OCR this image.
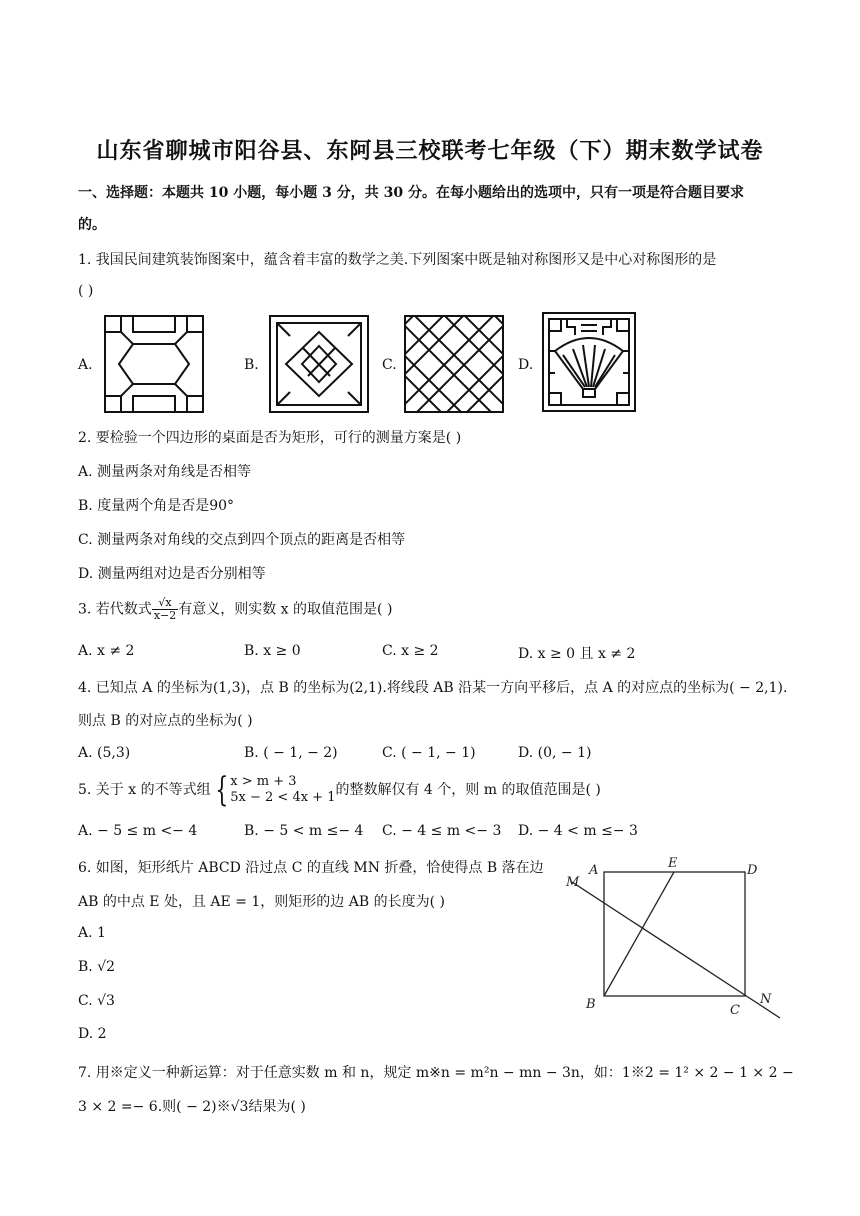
山东省聊城市阳谷县、东阿县三校联考七年级（下）期末数学试卷
一、选择题：本题共 10 小题，每小题 3 分，共 30 分。在每小题给出的选项中，只有一项是符合题目要求
的。
1. 我国民间建筑装饰图案中，蕴含着丰富的数学之美.下列图案中既是轴对称图形又是中心对称图形的是
( )
A.	B.	C.	D.
2. 要检验一个四边形的桌面是否为矩形，可行的测量方案是( )
A. 测量两条对角线是否相等
B. 度量两个角是否是90°
C. 测量两条对角线的交点到四个顶点的距离是否相等
D. 测量两组对边是否分别相等
3. 若代数式 $\frac{√x}{x-2}$ 有意义，则实数 x 的取值范围是( )
A. x ≠ 2	B. x ≥ 0	C. x ≥ 2	D. x ≥ 0 且 x ≠ 2
4. 已知点 A 的坐标为(1,3)，点 B 的坐标为(2,1).将线段 AB 沿某一方向平移后，点 A 的对应点的坐标为( − 2,1).
则点 B 的对应点的坐标为( )
A. (5,3)	B. ( − 1, − 2)	C. ( − 1, − 1)	D. (0, − 1)
5. 关于 x 的不等式组 { x > m + 3
5x − 2 < 4x + 1 的整数解仅有 4 个，则 m 的取值范围是( )
A. − 5 ≤ m <− 4	B. − 5 < m ≤− 4 C. − 4 ≤ m <− 3 D. − 4 < m ≤− 3
6. 如图，矩形纸片 ABCD 沿过点 C 的直线 MN 折叠，恰使得点 B 落在边
AB 的中点 E 处，且 AE = 1，则矩形的边 AB 的长度为( )
A. 1
B. √2
C. √3
D. 2
A	E	D
M
B	C
N
7. 用※定义一种新运算：对于任意实数 m 和 n，规定 m※n = m²n − mn − 3n，如：1※2 = 1² × 2 − 1 × 2 −
3 × 2 =− 6.则( − 2)※√3结果为( )
